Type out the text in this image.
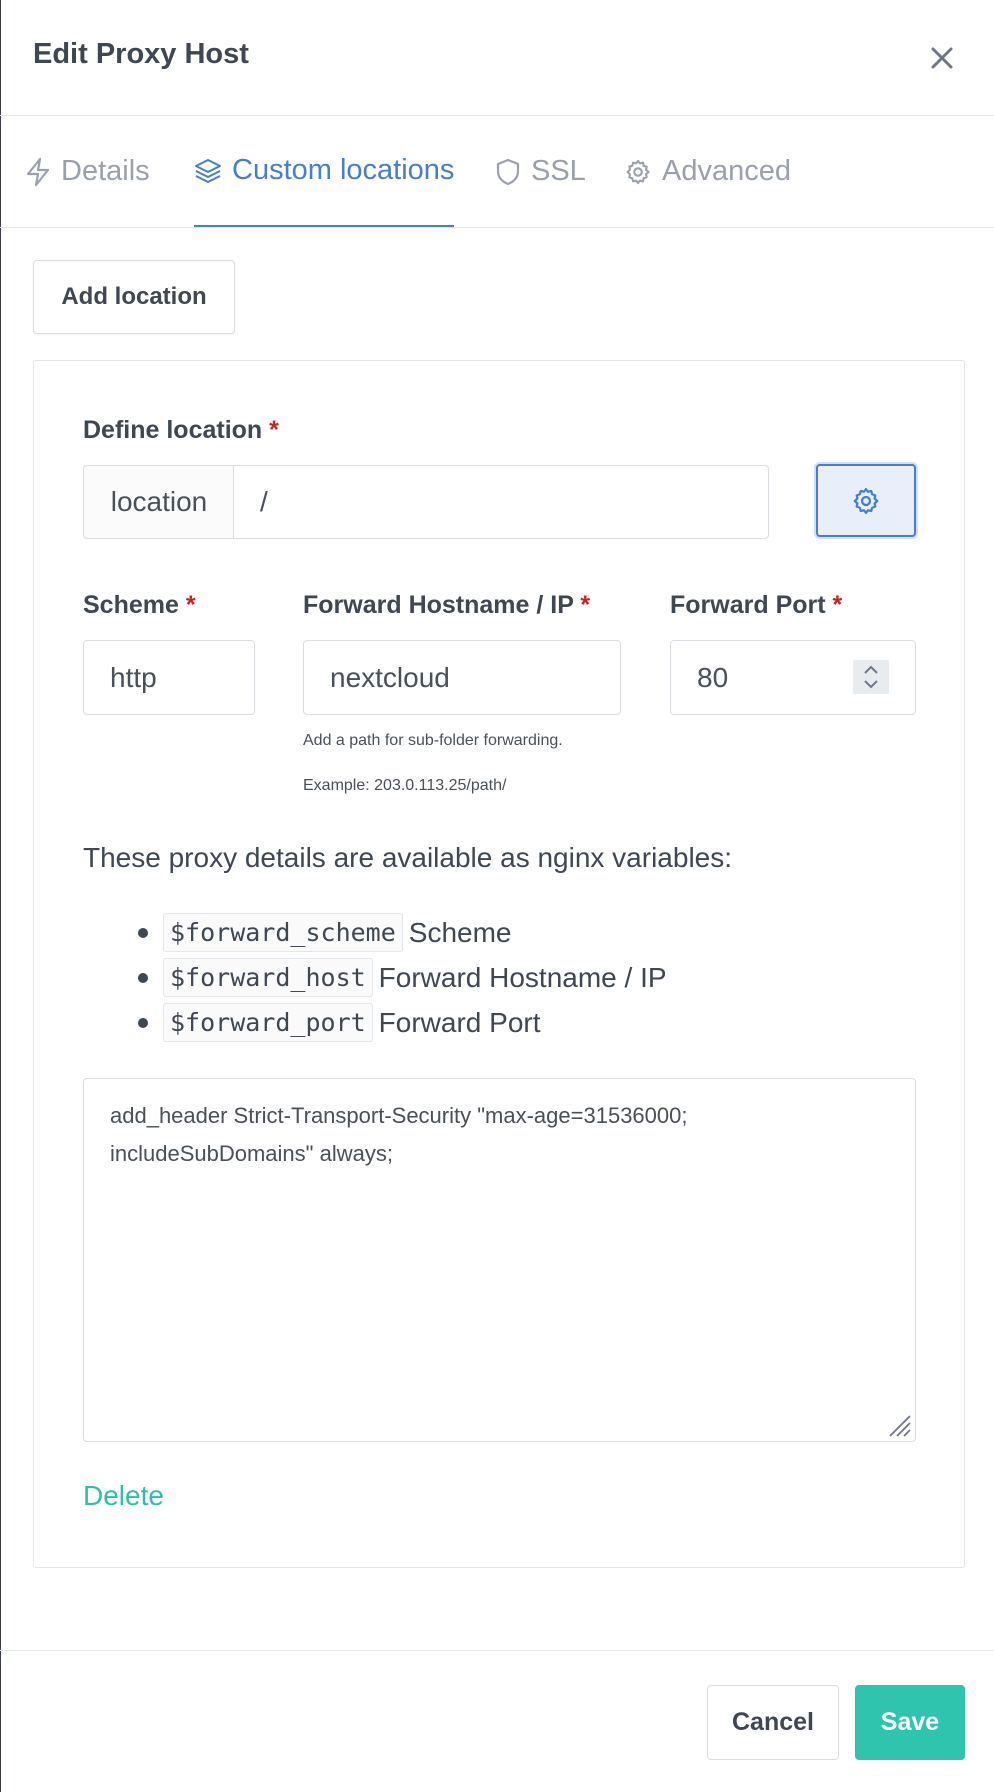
Edit Proxy Host
Details	Custom locations	SSL	Advanced
Add location
Define location *
location	/
Scheme *
http
Forward Hostname / IP *
nextcloud
Add a path for sub-folder forwarding.
Example: 203.0.113.25/path/
Forward Port *
80
These proxy details are available as nginx variables:
$forward_scheme Scheme
$forward_host Forward Hostname / IP
$forward_port Forward Port
add_header Strict-Transport-Security "max-age=31536000;
includeSubDomains" always;
Delete
Cancel	Save
